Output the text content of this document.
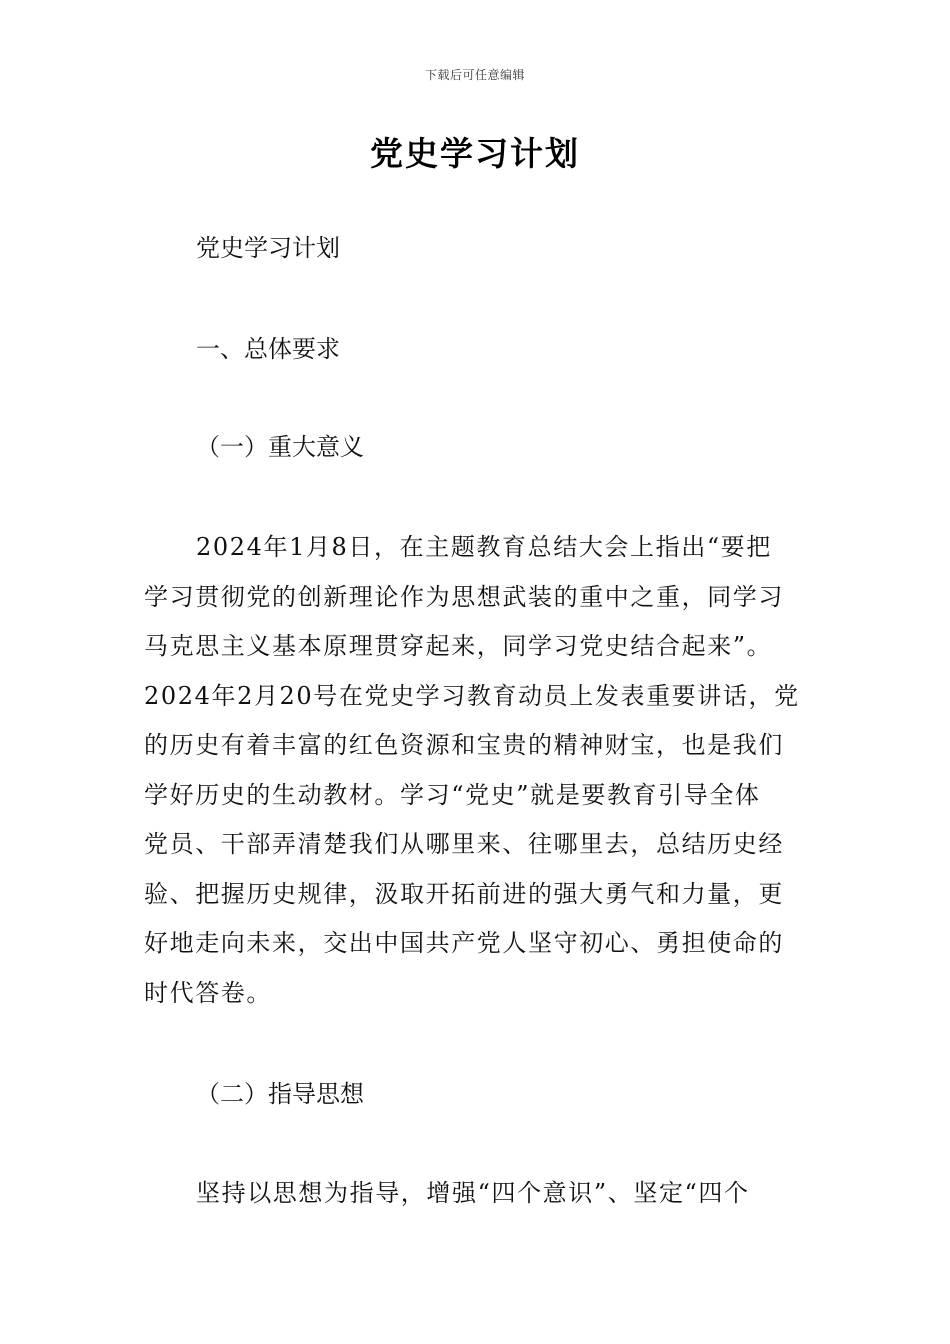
下载后可任意编辑
党史学习计划

党史学习计划

一、总体要求

（一）重大意义

2024年1月8日，在主题教育总结大会上指出“要把
学习贯彻党的创新理论作为思想武装的重中之重，同学习
马克思主义基本原理贯穿起来，同学习党史结合起来”。
2024年2月20号在党史学习教育动员上发表重要讲话，党
的历史有着丰富的红色资源和宝贵的精神财宝，也是我们
学好历史的生动教材。学习“党史”就是要教育引导全体
党员、干部弄清楚我们从哪里来、往哪里去，总结历史经
验、把握历史规律，汲取开拓前进的强大勇气和力量，更
好地走向未来，交出中国共产党人坚守初心、勇担使命的
时代答卷。

（二）指导思想

坚持以思想为指导，增强“四个意识”、坚定“四个
